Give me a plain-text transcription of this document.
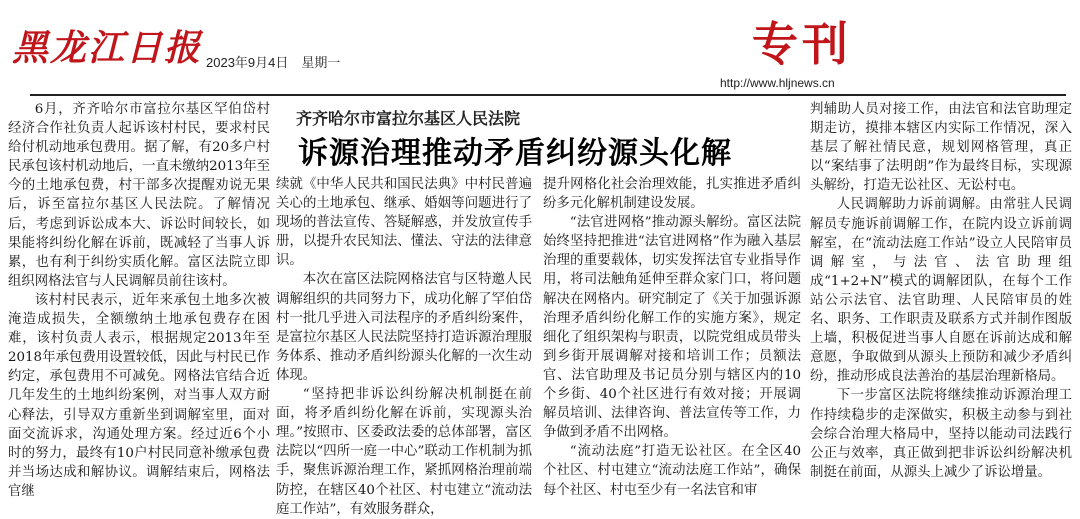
黑龙江日报 2023年9月4日　星期一	专刊
http://www.hljnews.cn
齐齐哈尔市富拉尔基区人民法院
诉源治理推动矛盾纠纷源头化解

6月，齐齐哈尔市富拉尔基区罕伯岱村经济合作社负责人起诉该村村民，要求村民给付机动地承包费用。据了解，有20多户村民承包该村机动地后，一直未缴纳2013年至今的土地承包费，村干部多次提醒劝说无果后，诉至富拉尔基区人民法院。了解情况后，考虑到诉讼成本大、诉讼时间较长，如果能将纠纷化解在诉前，既减轻了当事人诉累，也有利于纠纷实质化解。富区法院立即组织网格法官与人民调解员前往该村。

该村村民表示，近年来承包土地多次被淹造成损失，全额缴纳土地承包费存在困难，该村负责人表示，根据规定2013年至2018年承包费用设置较低，因此与村民已作约定，承包费用不可减免。网格法官结合近几年发生的土地纠纷案例，对当事人双方耐心释法，引导双方重新坐到调解室里，面对面交流诉求，沟通处理方案。经过近6个小时的努力，最终有10户村民同意补缴承包费并当场达成和解协议。调解结束后，网格法官继

续就《中华人民共和国民法典》中村民普遍关心的土地承包、继承、婚姻等问题进行了现场的普法宣传、答疑解惑，并发放宣传手册，以提升农民知法、懂法、守法的法律意识。

本次在富区法院网格法官与区特邀人民调解组织的共同努力下，成功化解了罕伯岱村一批几乎进入司法程序的矛盾纠纷案件，是富拉尔基区人民法院坚持打造诉源治理服务体系、推动矛盾纠纷源头化解的一次生动体现。

“坚持把非诉讼纠纷解决机制挺在前面，将矛盾纠纷化解在诉前，实现源头治理。”按照市、区委政法委的总体部署，富区法院以“四所一庭一中心”联动工作机制为抓手，聚焦诉源治理工作，紧抓网格治理前端防控，在辖区40个社区、村屯建立“流动法庭工作站”，有效服务群众，

提升网格化社会治理效能，扎实推进矛盾纠纷多元化解机制建设发展。

“法官进网格”推动源头解纷。富区法院始终坚持把推进“法官进网格”作为融入基层治理的重要载体，切实发挥法官专业指导作用，将司法触角延伸至群众家门口，将问题解决在网格内。研究制定了《关于加强诉源治理矛盾纠纷化解工作的实施方案》，规定细化了组织架构与职责，以院党组成员带头到乡街开展调解对接和培训工作；员额法官、法官助理及书记员分别与辖区内的10个乡街、40个社区进行有效对接；开展调解员培训、法律咨询、普法宣传等工作，力争做到矛盾不出网格。

“流动法庭”打造无讼社区。在全区40个社区、村屯建立“流动法庭工作站”，确保每个社区、村屯至少有一名法官和审

判辅助人员对接工作，由法官和法官助理定期走访，摸排本辖区内实际工作情况，深入基层了解社情民意，规划网格管理，真正以“案结事了法明朗”作为最终目标，实现源头解纷，打造无讼社区、无讼村屯。

人民调解助力诉前调解。由常驻人民调解员专施诉前调解工作，在院内设立诉前调解室，在“流动法庭工作站”设立人民陪审员调解室，与法官、法官助理组成“1+2+N”模式的调解团队，在每个工作站公示法官、法官助理、人民陪审员的姓名、职务、工作职责及联系方式并制作图版上墙，积极促进当事人自愿在诉前达成和解意愿，争取做到从源头上预防和减少矛盾纠纷，推动形成良法善治的基层治理新格局。

下一步富区法院将继续推动诉源治理工作持续稳步的走深做实，积极主动参与到社会综合治理大格局中，坚持以能动司法践行公正与效率，真正做到把非诉讼纠纷解决机制挺在前面，从源头上减少了诉讼增量。
